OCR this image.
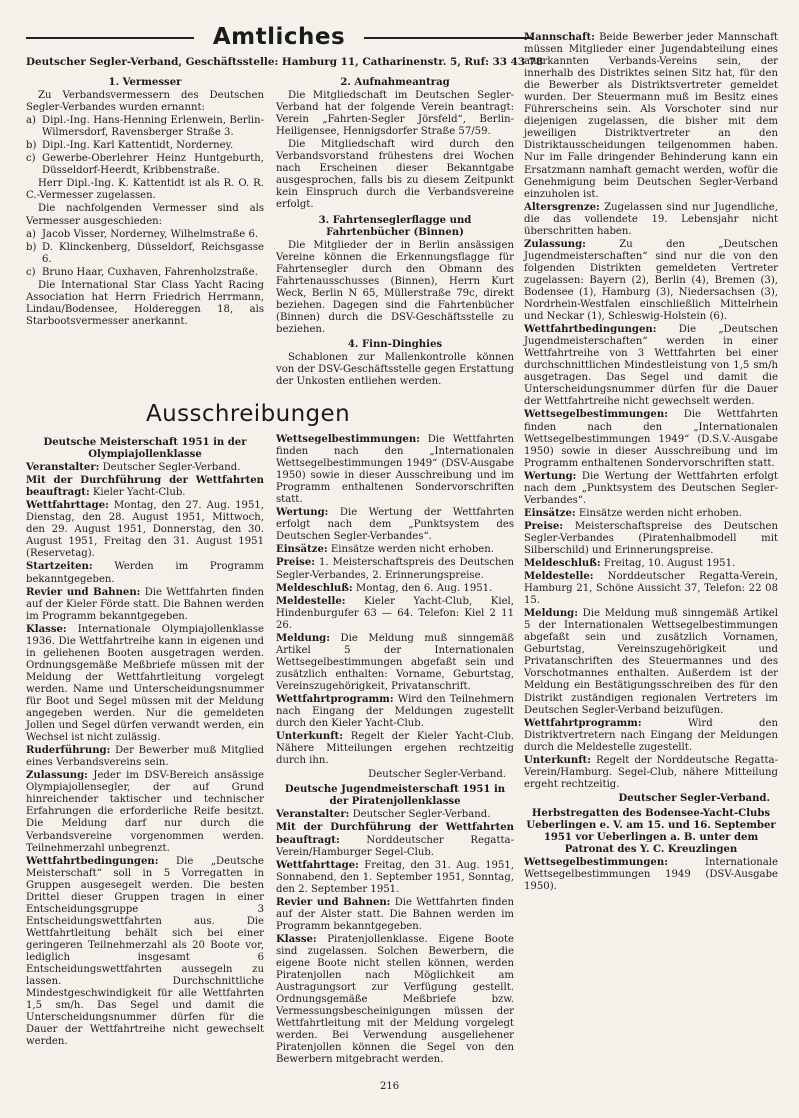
Amtliches
Deutscher Segler-Verband, Geschäftsstelle: Hamburg 11, Catharinenstr. 5, Ruf: 33 43 78

1. Vermesser

Zu Verbandsvermessern des Deutschen Segler-Verbandes wurden ernannt:

a) Dipl.-Ing. Hans-Henning Erlenwein, Berlin-Wilmersdorf, Ravensberger Straße 3.
b) Dipl.-Ing. Karl Kattentidt, Norderney.
c) Gewerbe-Oberlehrer Heinz Huntgeburth, Düsseldorf-Heerdt, Kribbenstraße.

Herr Dipl.-Ing. K. Kattentidt ist als R. O. R. C.-Vermesser zugelassen.

Die nachfolgenden Vermesser sind als Vermesser ausgeschieden:

a) Jacob Visser, Norderney, Wilhelmstraße 6.
b) D. Klinckenberg, Düsseldorf, Reichsgasse 6.
c) Bruno Haar, Cuxhaven, Fahrenholzstraße.

Die International Star Class Yacht Racing Association hat Herrn Friedrich Herrmann, Lindau/Bodensee, Holdereggen 18, als Starbootsvermesser anerkannt.

2. Aufnahmeantrag

Die Mitgliedschaft im Deutschen Segler-Verband hat der folgende Verein beantragt: Verein „Fahrten-Segler Jörsfeld“, Berlin-Heiligensee, Hennigsdorfer Straße 57/59.

Die Mitgliedschaft wird durch den Verbandsvorstand frühestens drei Wochen nach Erscheinen dieser Bekanntgabe ausgesprochen, falls bis zu diesem Zeitpunkt kein Einspruch durch die Verbandsvereine erfolgt.

3. Fahrtenseglerflagge und Fahrtenbücher (Binnen)

Die Mitglieder der in Berlin ansässigen Vereine können die Erkennungsflagge für Fahrtensegler durch den Obmann des Fahrtenausschusses (Binnen), Herrn Kurt Weck, Berlin N 65, Müllerstraße 79c, direkt beziehen. Dagegen sind die Fahrtenbücher (Binnen) durch die DSV-Geschäftsstelle zu beziehen.

4. Finn-Dinghies

Schablonen zur Mallenkontrolle können von der DSV-Geschäftsstelle gegen Erstattung der Unkosten entliehen werden.

Ausschreibungen

Deutsche Meisterschaft 1951 in der Olympiajollenklasse

Veranstalter: Deutscher Segler-Verband.

Mit der Durchführung der Wettfahrten beauftragt: Kieler Yacht-Club.

Wettfahrttage: Montag, den 27. Aug. 1951, Dienstag, den 28. August 1951, Mittwoch, den 29. August 1951, Donnerstag, den 30. August 1951, Freitag den 31. August 1951 (Reservetag).

Startzeiten: Werden im Programm bekanntgegeben.

Revier und Bahnen: Die Wettfahrten finden auf der Kieler Förde statt. Die Bahnen werden im Programm bekanntgegeben.

Klasse: Internationale Olympiajollenklasse 1936. Die Wettfahrtreihe kann in eigenen und in geliehenen Booten ausgetragen werden. Ordnungsgemäße Meßbriefe müssen mit der Meldung der Wettfahrtleitung vorgelegt werden. Name und Unterscheidungsnummer für Boot und Segel müssen mit der Meldung angegeben werden. Nur die gemeldeten Jollen und Segel dürfen verwandt werden, ein Wechsel ist nicht zulässig.

Ruderführung: Der Bewerber muß Mitglied eines Verbandsvereins sein.

Zulassung: Jeder im DSV-Bereich ansässige Olympiajollensegler, der auf Grund hinreichender taktischer und technischer Erfahrungen die erforderliche Reife besitzt. Die Meldung darf nur durch die Verbandsvereine vorgenommen werden. Teilnehmerzahl unbegrenzt.

Wettfahrtbedingungen: Die „Deutsche Meisterschaft“ soll in 5 Vorregatten in Gruppen ausgesegelt werden. Die besten Drittel dieser Gruppen tragen in einer Entscheidungsgruppe 3 Entscheidungswettfahrten aus. Die Wettfahrtleitung behält sich bei einer geringeren Teilnehmerzahl als 20 Boote vor, lediglich insgesamt 6 Entscheidungswettfahrten aussegeln zu lassen. Durchschnittliche Mindestgeschwindigkeit für alle Wettfahrten 1,5 sm/h. Das Segel und damit die Unterscheidungsnummer dürfen für die Dauer der Wettfahrtreihe nicht gewechselt werden.

Wettsegelbestimmungen: Die Wettfahrten finden nach den „Internationalen Wettsegelbestimmungen 1949“ (DSV-Ausgabe 1950) sowie in dieser Ausschreibung und im Programm enthaltenen Sondervorschriften statt.

Wertung: Die Wertung der Wettfahrten erfolgt nach dem „Punktsystem des Deutschen Segler-Verbandes“.

Einsätze: Einsätze werden nicht erhoben.

Preise: 1. Meisterschaftspreis des Deutschen Segler-Verbandes, 2. Erinnerungspreise.

Meldeschluß: Montag, den 6. Aug. 1951.

Meldestelle: Kieler Yacht-Club, Kiel, Hindenburgufer 63 — 64. Telefon: Kiel 2 11 26.

Meldung: Die Meldung muß sinngemäß Artikel 5 der Internationalen Wettsegelbestimmungen abgefaßt sein und zusätzlich enthalten: Vorname, Geburtstag, Vereinszugehörigkeit, Privatanschrift.

Wettfahrtprogramm: Wird den Teilnehmern nach Eingang der Meldungen zugestellt durch den Kieler Yacht-Club.

Unterkunft: Regelt der Kieler Yacht-Club. Nähere Mitteilungen ergehen rechtzeitig durch ihn.

Deutscher Segler-Verband.

Deutsche Jugendmeisterschaft 1951 in der Piratenjollenklasse

Veranstalter: Deutscher Segler-Verband.

Mit der Durchführung der Wettfahrten beauftragt:	Norddeutscher Regatta-Verein/Hamburger Segel-Club.

Wettfahrttage: Freitag, den 31. Aug. 1951, Sonnabend, den 1. September 1951, Sonntag, den 2. September 1951.

Revier und Bahnen: Die Wettfahrten finden auf der Alster statt. Die Bahnen werden im Programm bekanntgegeben.

Klasse: Piratenjollenklasse. Eigene Boote sind zugelassen. Solchen Bewerbern, die eigene Boote nicht stellen können, werden Piratenjollen nach Möglichkeit am Austragungsort zur Verfügung gestellt. Ordnungsgemäße Meßbriefe bzw. Vermessungsbescheinigungen müssen der Wettfahrtleitung mit der Meldung vorgelegt werden. Bei Verwendung ausgeliehener Piratenjollen können die Segel von den Bewerbern mitgebracht werden.

Mannschaft: Beide Bewerber jeder Mannschaft müssen Mitglieder einer Jugendabteilung eines anerkannten Verbands-Vereins sein, der innerhalb des Distriktes seinen Sitz hat, für den die Bewerber als Distriktsvertreter gemeldet wurden. Der Steuermann muß im Besitz eines Führerscheins sein. Als Vorschoter sind nur diejenigen zugelassen, die bisher mit dem jeweiligen Distriktvertreter an den Distriktausscheidungen teilgenommen haben. Nur im Falle dringender Behinderung kann ein Ersatzmann namhaft gemacht werden, wofür die Genehmigung beim Deutschen Segler-Verband einzuholen ist.

Altersgrenze: Zugelassen sind nur Jugendliche, die das vollendete 19. Lebensjahr nicht überschritten haben.

Zulassung:	Zu den „Deutschen Jugendmeisterschaften“ sind nur die von den folgenden Distrikten gemeldeten Vertreter zugelassen: Bayern (2), Berlin (4), Bremen (3), Bodensee (1), Hamburg (3), Niedersachsen (3), Nordrhein-Westfalen einschließlich Mittelrhein und Neckar (1), Schleswig-Holstein (6).

Wettfahrtbedingungen: Die „Deutschen Jugendmeisterschaften“ werden in einer Wettfahrtreihe von 3 Wettfahrten bei einer durchschnittlichen Mindestleistung von 1,5 sm/h ausgetragen. Das Segel und damit die Unterscheidungsnummer dürfen für die Dauer der Wettfahrtreihe nicht gewechselt werden.

Wettsegelbestimmungen: Die Wettfahrten finden nach den „Internationalen Wettsegelbestimmungen 1949“ (D.S.V.-Ausgabe 1950) sowie in dieser Ausschreibung und im Programm enthaltenen Sondervorschriften statt.

Wertung: Die Wertung der Wettfahrten erfolgt nach dem „Punktsystem des Deutschen Segler-Verbandes“.

Einsätze: Einsätze werden nicht erhoben.

Preise: Meisterschaftspreise des Deutschen Segler-Verbandes (Piratenhalbmodell mit Silberschild) und Erinnerungspreise.

Meldeschluß: Freitag, 10. August 1951.

Meldestelle: Norddeutscher Regatta-Verein, Hamburg 21, Schöne Aussicht 37, Telefon: 22 08 15.

Meldung: Die Meldung muß sinngemäß Artikel 5 der Internationalen Wettsegelbestimmungen abgefaßt sein und zusätzlich Vornamen, Geburtstag, Vereinszugehörigkeit und Privatanschriften des Steuermannes und des Vorschotmannes enthalten. Außerdem ist der Meldung ein Bestätigungsschreiben des für den Distrikt zuständigen regionalen Vertreters im Deutschen Segler-Verband beizufügen.

Wettfahrtprogramm:	Wird den Distriktvertretern nach Eingang der Meldungen durch die Meldestelle zugestellt.

Unterkunft: Regelt der Norddeutsche Regatta-Verein/Hamburg. Segel-Club, nähere Mitteilung ergeht rechtzeitig.

Deutscher Segler-Verband.

Herbstregatten des Bodensee-Yacht-Clubs Ueberlingen e. V. am 15. und 16. September 1951 vor Ueberlingen a. B. unter dem Patronat des Y. C. Kreuzlingen

Wettsegelbestimmungen:	Internationale Wettsegelbestimmungen 1949 (DSV-Ausgabe 1950).

216
